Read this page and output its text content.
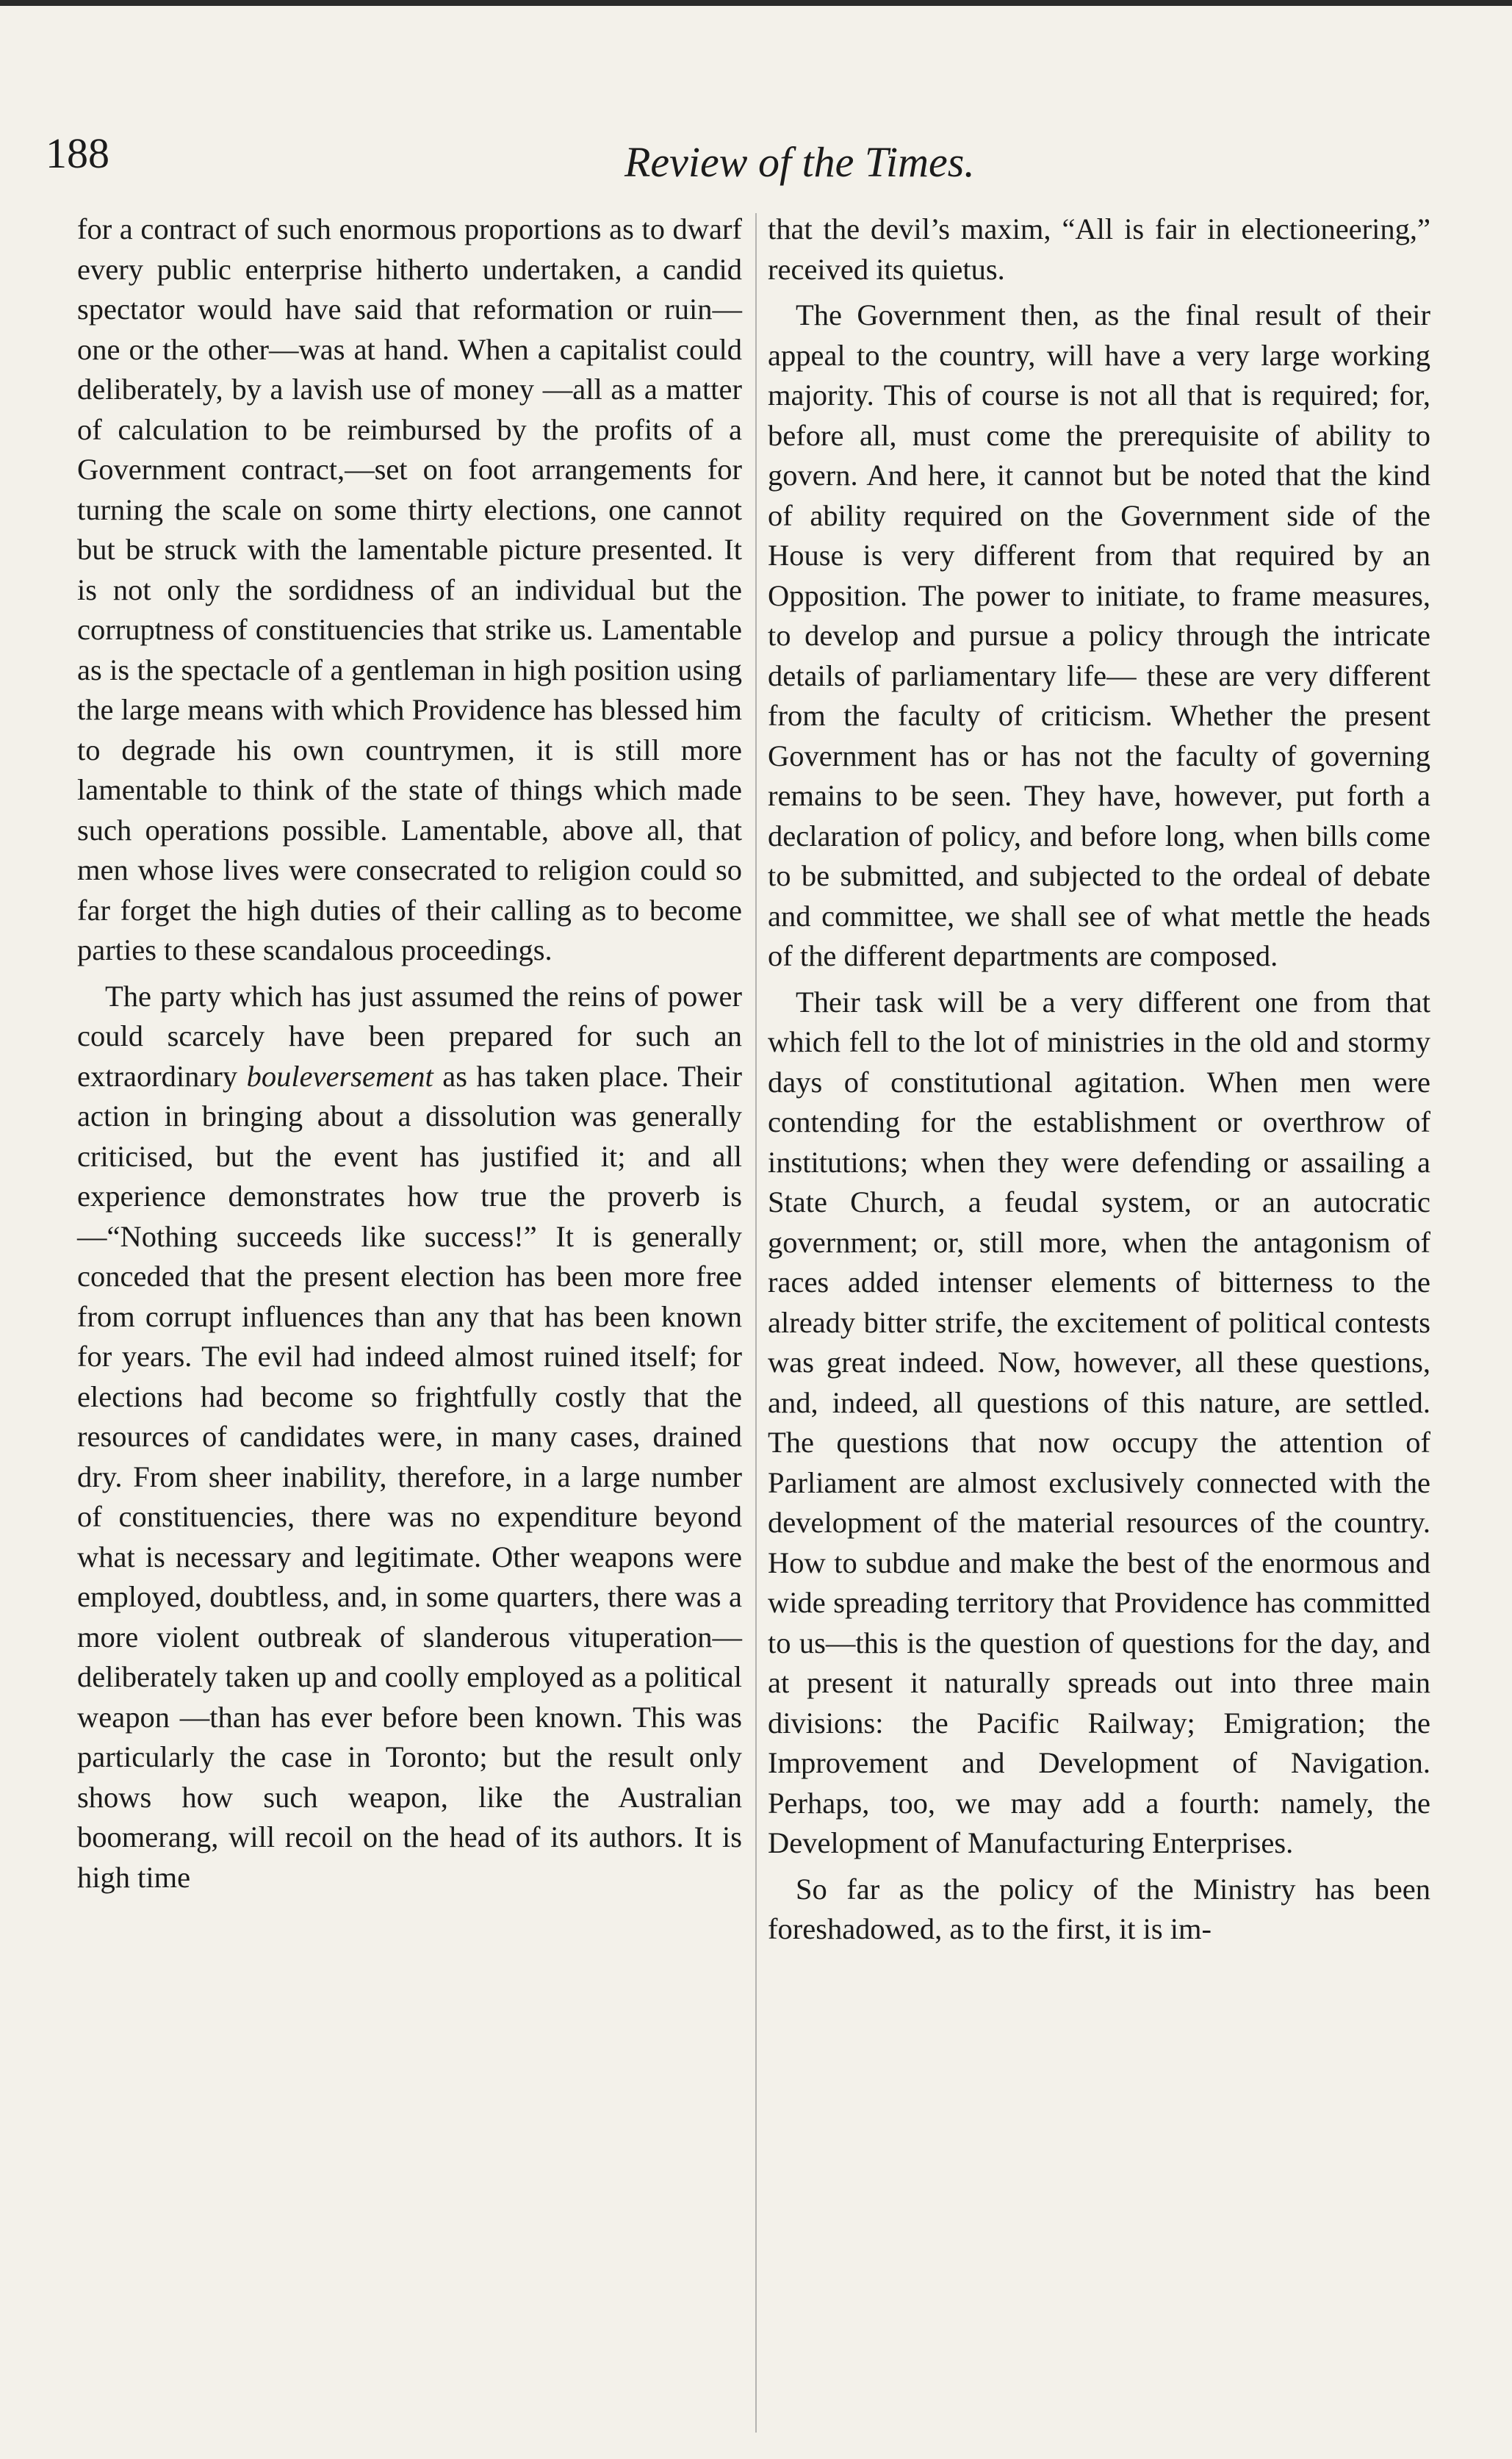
188	Review of the Times.

for a contract of such enormous proportions as to dwarf every public enterprise hitherto undertaken, a candid spectator would have said that reformation or ruin—one or the other—was at hand. When a capitalist could deliberately, by a lavish use of money —all as a matter of calculation to be reimbursed by the profits of a Government contract,—set on foot arrangements for turning the scale on some thirty elections, one cannot but be struck with the lamentable picture presented. It is not only the sordidness of an individual but the corruptness of constituencies that strike us. Lamentable as is the spectacle of a gentleman in high position using the large means with which Providence has blessed him to degrade his own countrymen, it is still more lamentable to think of the state of things which made such operations possible. Lamentable, above all, that men whose lives were consecrated to religion could so far forget the high duties of their calling as to become parties to these scandalous proceedings.

The party which has just assumed the reins of power could scarcely have been prepared for such an extraordinary bouleversement as has taken place. Their action in bringing about a dissolution was generally criticised, but the event has justified it; and all experience demonstrates how true the proverb is—“Nothing succeeds like success!” It is generally conceded that the present election has been more free from corrupt influences than any that has been known for years. The evil had indeed almost ruined itself; for elections had become so frightfully costly that the resources of candidates were, in many cases, drained dry. From sheer inability, therefore, in a large number of constituencies, there was no expenditure beyond what is necessary and legitimate. Other weapons were employed, doubtless, and, in some quarters, there was a more violent outbreak of slanderous vituperation—deliberately taken up and coolly employed as a political weapon —than has ever before been known. This was particularly the case in Toronto; but the result only shows how such weapon, like the Australian boomerang, will recoil on the head of its authors. It is high time

that the devil’s maxim, “All is fair in electioneering,” received its quietus.

The Government then, as the final result of their appeal to the country, will have a very large working majority. This of course is not all that is required; for, before all, must come the prerequisite of ability to govern. And here, it cannot but be noted that the kind of ability required on the Government side of the House is very different from that required by an Opposition. The power to initiate, to frame measures, to develop and pursue a policy through the intricate details of parliamentary life— these are very different from the faculty of criticism. Whether the present Government has or has not the faculty of governing remains to be seen. They have, however, put forth a declaration of policy, and before long, when bills come to be submitted, and subjected to the ordeal of debate and committee, we shall see of what mettle the heads of the different departments are composed.

Their task will be a very different one from that which fell to the lot of ministries in the old and stormy days of constitutional agitation. When men were contending for the establishment or overthrow of institutions; when they were defending or assailing a State Church, a feudal system, or an autocratic government; or, still more, when the antagonism of races added intenser elements of bitterness to the already bitter strife, the excitement of political contests was great indeed. Now, however, all these questions, and, indeed, all questions of this nature, are settled. The questions that now occupy the attention of Parliament are almost exclusively connected with the development of the material resources of the country. How to subdue and make the best of the enormous and wide spreading territory that Providence has committed to us—this is the question of questions for the day, and at present it naturally spreads out into three main divisions: the Pacific Railway; Emigration; the Improvement and Development of Navigation. Perhaps, too, we may add a fourth: namely, the Development of Manufacturing Enterprises.

So far as the policy of the Ministry has been foreshadowed, as to the first, it is im-
